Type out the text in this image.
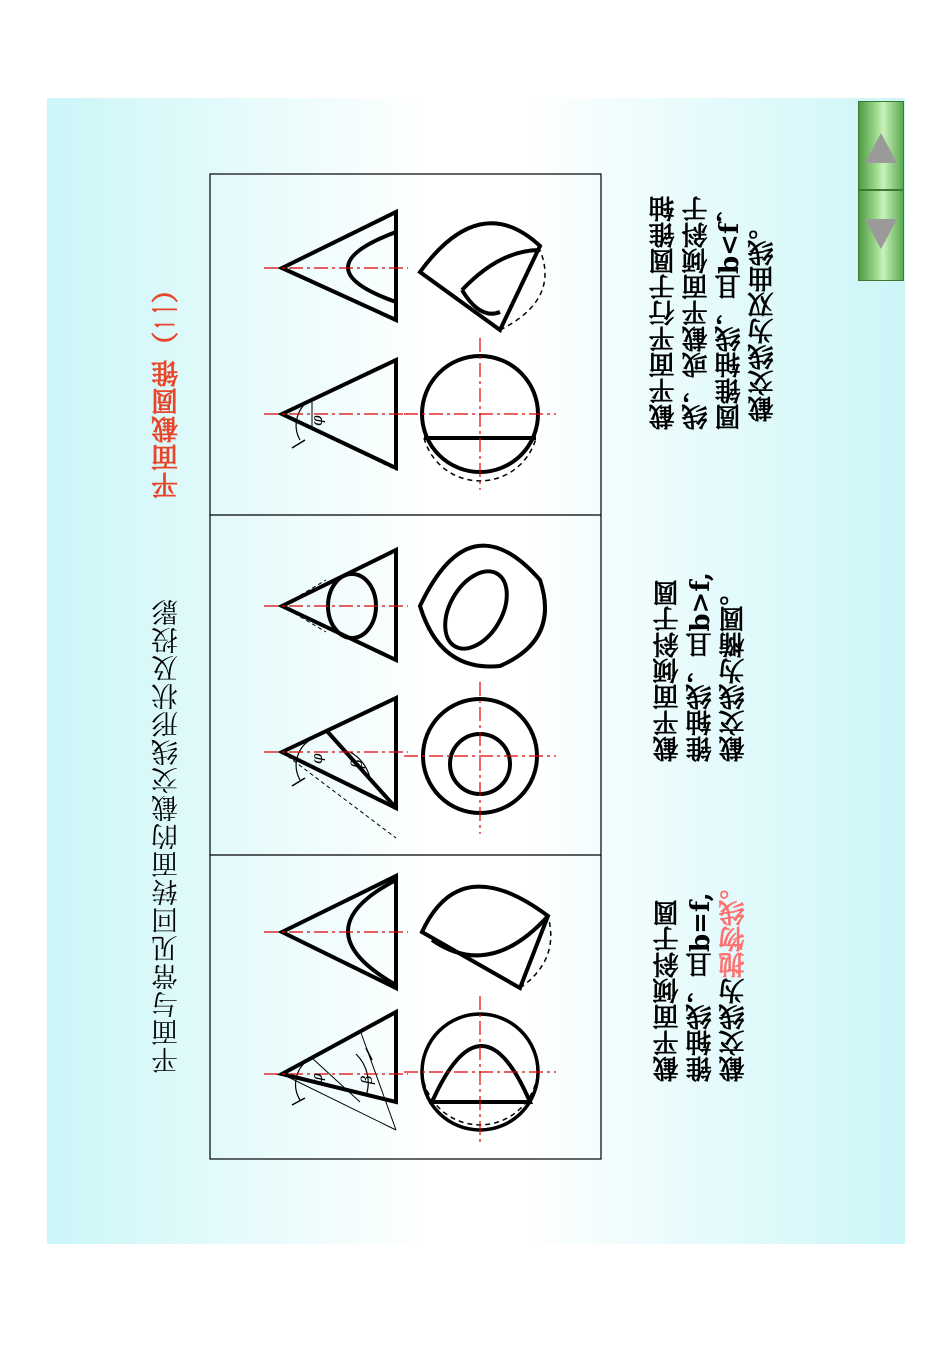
平面与常见回转面的截交线形状及投影
平面截圆锥（二）
φ β
φ β
φ
截平面倾斜于圆 锥轴线，且b=f, 截交线为抛物线。
截平面倾斜于圆 锥轴线，且b>f, 截交线为椭圆。
截平面平行于圆锥轴 线，或截平面倾斜于 圆锥轴线，且b<f， 截交线为双曲线。
